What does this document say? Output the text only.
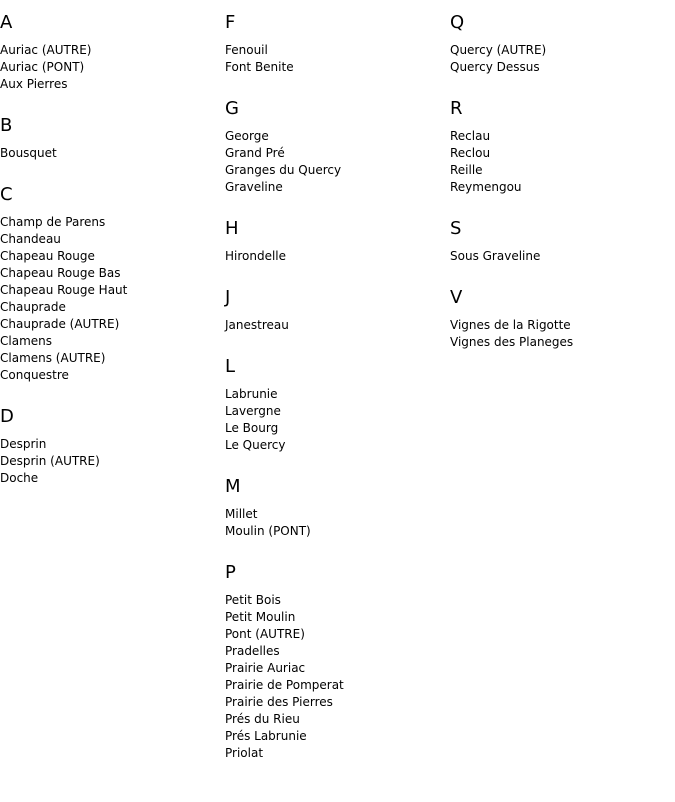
A
Auriac (AUTRE)
Auriac (PONT)
Aux Pierres
B
Bousquet
C
Champ de Parens
Chandeau
Chapeau Rouge
Chapeau Rouge Bas
Chapeau Rouge Haut
Chauprade
Chauprade (AUTRE)
Clamens
Clamens (AUTRE)
Conquestre
D
Desprin
Desprin (AUTRE)
Doche
F
Fenouil
Font Benite
G
George
Grand Pré
Granges du Quercy
Graveline
H
Hirondelle
J
Janestreau
L
Labrunie
Lavergne
Le Bourg
Le Quercy
M
Millet
Moulin (PONT)
P
Petit Bois
Petit Moulin
Pont (AUTRE)
Pradelles
Prairie Auriac
Prairie de Pomperat
Prairie des Pierres
Prés du Rieu
Prés Labrunie
Priolat
Q
Quercy (AUTRE)
Quercy Dessus
R
Reclau
Reclou
Reille
Reymengou
S
Sous Graveline
V
Vignes de la Rigotte
Vignes des Planeges
